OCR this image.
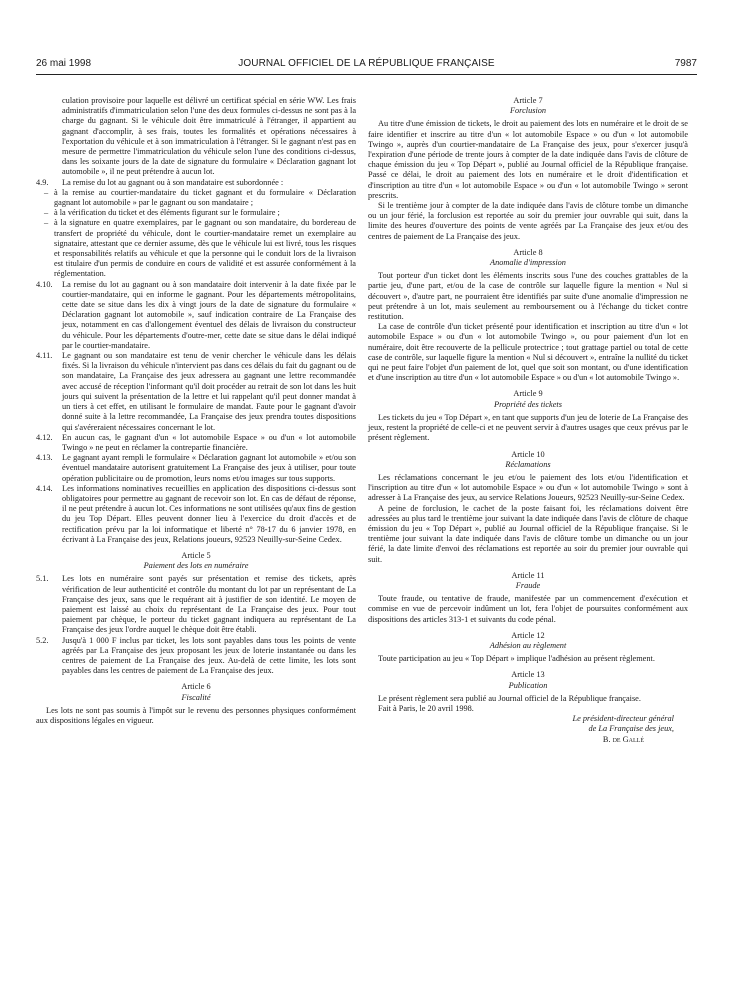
26 mai 1998	JOURNAL OFFICIEL DE LA RÉPUBLIQUE FRANÇAISE	7987

culation provisoire pour laquelle est délivré un certificat spécial en série WW. Les frais administratifs d'immatriculation selon l'une des deux formules ci-dessus ne sont pas à la charge du gagnant. Si le véhicule doit être immatriculé à l'étranger, il appartient au gagnant d'accomplir, à ses frais, toutes les formalités et opérations nécessaires à l'exportation du véhicule et à son immatriculation à l'étranger. Si le gagnant n'est pas en mesure de permettre l'immatriculation du véhicule selon l'une des conditions ci-dessus, dans les soixante jours de la date de signature du formulaire « Déclaration gagnant lot automobile », il ne peut prétendre à aucun lot.

4.9. La remise du lot au gagnant ou à son mandataire est subordonnée :

– à la remise au courtier-mandataire du ticket gagnant et du formulaire « Déclaration gagnant lot automobile » par le gagnant ou son mandataire ;

– à la vérification du ticket et des éléments figurant sur le formulaire ;

– à la signature en quatre exemplaires, par le gagnant ou son mandataire, du bordereau de transfert de propriété du véhicule, dont le courtier-mandataire remet un exemplaire au signataire, attestant que ce dernier assume, dès que le véhicule lui est livré, tous les risques et responsabilités relatifs au véhicule et que la personne qui le conduit lors de la livraison est titulaire d'un permis de conduire en cours de validité et est assurée conformément à la réglementation.

4.10. La remise du lot au gagnant ou à son mandataire doit intervenir à la date fixée par le courtier-mandataire, qui en informe le gagnant. Pour les départements métropolitains, cette date se situe dans les dix à vingt jours de la date de signature du formulaire « Déclaration gagnant lot automobile », sauf indication contraire de La Française des jeux, notamment en cas d'allongement éventuel des délais de livraison du constructeur du véhicule. Pour les départements d'outre-mer, cette date se situe dans le délai indiqué par le courtier-mandataire.

4.11. Le gagnant ou son mandataire est tenu de venir chercher le véhicule dans les délais fixés. Si la livraison du véhicule n'intervient pas dans ces délais du fait du gagnant ou de son mandataire, La Française des jeux adressera au gagnant une lettre recommandée avec accusé de réception l'informant qu'il doit procéder au retrait de son lot dans les huit jours qui suivent la présentation de la lettre et lui rappelant qu'il peut donner mandat à un tiers à cet effet, en utilisant le formulaire de mandat. Faute pour le gagnant d'avoir donné suite à la lettre recommandée, La Française des jeux prendra toutes dispositions qui s'avéreraient nécessaires concernant le lot.

4.12. En aucun cas, le gagnant d'un « lot automobile Espace » ou d'un « lot automobile Twingo » ne peut en réclamer la contrepartie financière.

4.13. Le gagnant ayant rempli le formulaire « Déclaration gagnant lot automobile » et/ou son éventuel mandataire autorisent gratuitement La Française des jeux à utiliser, pour toute opération publicitaire ou de promotion, leurs noms et/ou images sur tous supports.

4.14. Les informations nominatives recueillies en application des dispositions ci-dessus sont obligatoires pour permettre au gagnant de recevoir son lot. En cas de défaut de réponse, il ne peut prétendre à aucun lot. Ces informations ne sont utilisées qu'aux fins de gestion du jeu Top Départ. Elles peuvent donner lieu à l'exercice du droit d'accès et de rectification prévu par la loi informatique et liberté n° 78-17 du 6 janvier 1978, en écrivant à La Française des jeux, Relations joueurs, 92523 Neuilly-sur-Seine Cedex.

Article 5

Paiement des lots en numéraire

5.1. Les lots en numéraire sont payés sur présentation et remise des tickets, après vérification de leur authenticité et contrôle du montant du lot par un représentant de La Française des jeux, sans que le requérant ait à justifier de son identité. Le moyen de paiement est laissé au choix du représentant de La Française des jeux. Pour tout paiement par chèque, le porteur du ticket gagnant indiquera au représentant de La Française des jeux l'ordre auquel le chèque doit être établi.

5.2. Jusqu'à 1 000 F inclus par ticket, les lots sont payables dans tous les points de vente agréés par La Française des jeux proposant les jeux de loterie instantanée ou dans les centres de paiement de La Française des jeux. Au-delà de cette limite, les lots sont payables dans les centres de paiement de La Française des jeux.

Article 6

Fiscalité

Les lots ne sont pas soumis à l'impôt sur le revenu des personnes physiques conformément aux dispositions légales en vigueur.

Article 7

Forclusion

Au titre d'une émission de tickets, le droit au paiement des lots en numéraire et le droit de se faire identifier et inscrire au titre d'un « lot automobile Espace » ou d'un « lot automobile Twingo », auprès d'un courtier-mandataire de La Française des jeux, pour s'exercer jusqu'à l'expiration d'une période de trente jours à compter de la date indiquée dans l'avis de clôture de chaque émission du jeu « Top Départ », publié au Journal officiel de la République française. Passé ce délai, le droit au paiement des lots en numéraire et le droit d'identification et d'inscription au titre d'un « lot automobile Espace » ou d'un « lot automobile Twingo » seront prescrits.

Si le trentième jour à compter de la date indiquée dans l'avis de clôture tombe un dimanche ou un jour férié, la forclusion est reportée au soir du premier jour ouvrable qui suit, dans la limite des heures d'ouverture des points de vente agréés par La Française des jeux et/ou des centres de paiement de La Française des jeux.

Article 8

Anomalie d'impression

Tout porteur d'un ticket dont les éléments inscrits sous l'une des couches grattables de la partie jeu, d'une part, et/ou de la case de contrôle sur laquelle figure la mention « Nul si découvert », d'autre part, ne pourraient être identifiés par suite d'une anomalie d'impression ne peut prétendre à un lot, mais seulement au remboursement ou à l'échange du ticket contre restitution.

La case de contrôle d'un ticket présenté pour identification et inscription au titre d'un « lot automobile Espace » ou d'un « lot automobile Twingo », ou pour paiement d'un lot en numéraire, doit être recouverte de la pellicule protectrice ; tout grattage partiel ou total de cette case de contrôle, sur laquelle figure la mention « Nul si découvert », entraîne la nullité du ticket qui ne peut faire l'objet d'un paiement de lot, quel que soit son montant, ou d'une identification et d'une inscription au titre d'un « lot automobile Espace » ou d'un « lot automobile Twingo ».

Article 9

Propriété des tickets

Les tickets du jeu « Top Départ », en tant que supports d'un jeu de loterie de La Française des jeux, restent la propriété de celle-ci et ne peuvent servir à d'autres usages que ceux prévus par le présent règlement.

Article 10

Réclamations

Les réclamations concernant le jeu et/ou le paiement des lots et/ou l'identification et l'inscription au titre d'un « lot automobile Espace » ou d'un « lot automobile Twingo » sont à adresser à La Française des jeux, au service Relations Joueurs, 92523 Neuilly-sur-Seine Cedex.

A peine de forclusion, le cachet de la poste faisant foi, les réclamations doivent être adressées au plus tard le trentième jour suivant la date indiquée dans l'avis de clôture de chaque émission du jeu « Top Départ », publié au Journal officiel de la République française. Si le trentième jour suivant la date indiquée dans l'avis de clôture tombe un dimanche ou un jour férié, la date limite d'envoi des réclamations est reportée au soir du premier jour ouvrable qui suit.

Article 11

Fraude

Toute fraude, ou tentative de fraude, manifestée par un commencement d'exécution et commise en vue de percevoir indûment un lot, fera l'objet de poursuites conformément aux dispositions des articles 313-1 et suivants du code pénal.

Article 12

Adhésion au règlement

Toute participation au jeu « Top Départ » implique l'adhésion au présent règlement.

Article 13

Publication

Le présent règlement sera publié au Journal officiel de la République française.

Fait à Paris, le 20 avril 1998.

Le président-directeur général

de La Française des jeux,

B. de Gallé
